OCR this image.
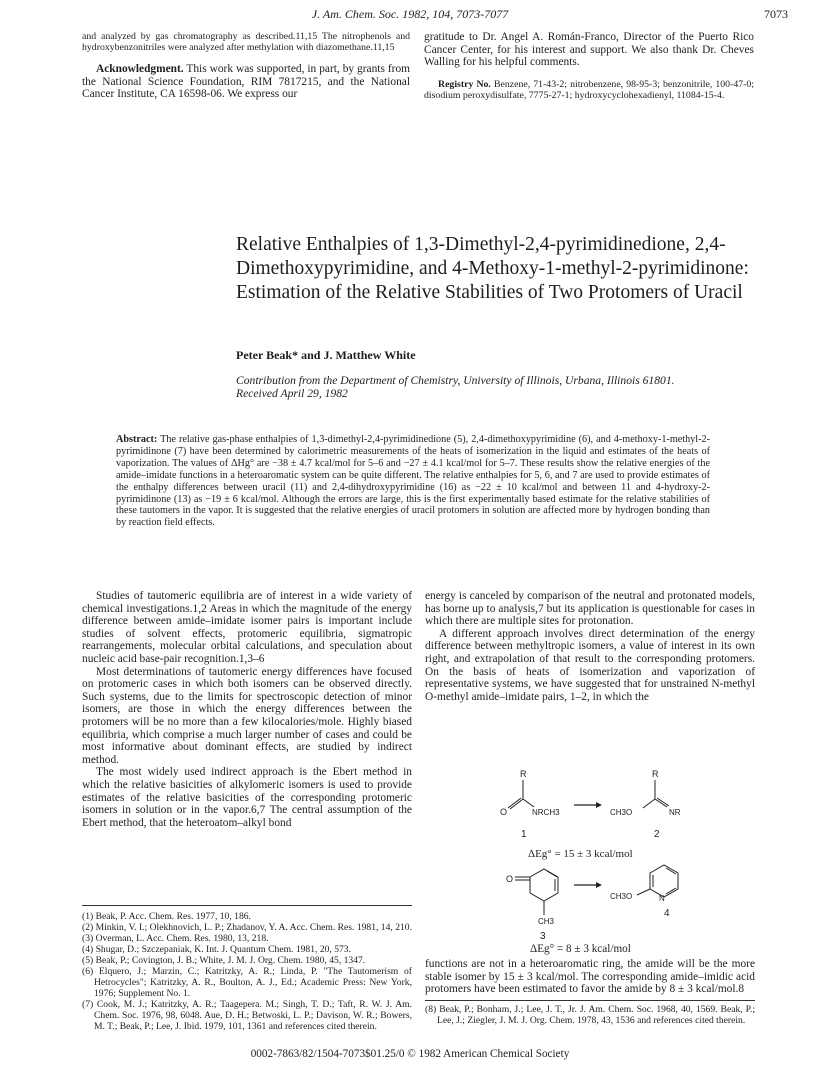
J. Am. Chem. Soc. 1982, 104, 7073-7077	7073
and analyzed by gas chromatography as described.11,15 The nitrophenols and hydroxybenzonitriles were analyzed after methylation with diazomethane.11,15
Acknowledgment. This work was supported, in part, by grants from the National Science Foundation, RIM 7817215, and the National Cancer Institute, CA 16598-06. We express our
gratitude to Dr. Angel A. Román-Franco, Director of the Puerto Rico Cancer Center, for his interest and support. We also thank Dr. Cheves Walling for his helpful comments.
Registry No. Benzene, 71-43-2; nitrobenzene, 98-95-3; benzonitrile, 100-47-0; disodium peroxydisulfate, 7775-27-1; hydroxycyclohexadienyl, 11084-15-4.
Relative Enthalpies of 1,3-Dimethyl-2,4-pyrimidinedione, 2,4-Dimethoxypyrimidine, and 4-Methoxy-1-methyl-2-pyrimidinone: Estimation of the Relative Stabilities of Two Protomers of Uracil
Peter Beak* and J. Matthew White
Contribution from the Department of Chemistry, University of Illinois, Urbana, Illinois 61801.
Received April 29, 1982
Abstract: The relative gas-phase enthalpies of 1,3-dimethyl-2,4-pyrimidinedione (5), 2,4-dimethoxypyrimidine (6), and 4-methoxy-1-methyl-2-pyrimidinone (7) have been determined by calorimetric measurements of the heats of isomerization in the liquid and estimates of the heats of vaporization. The values of ΔHg° are −38 ± 4.7 kcal/mol for 5–6 and −27 ± 4.1 kcal/mol for 5–7. These results show the relative energies of the amide–imidate functions in a heteroaromatic system can be quite different. The relative enthalpies for 5, 6, and 7 are used to provide estimates of the enthalpy differences between uracil (11) and 2,4-dihydroxypyrimidine (16) as −22 ± 10 kcal/mol and between 11 and 4-hydroxy-2-pyrimidinone (13) as −19 ± 6 kcal/mol. Although the errors are large, this is the first experimentally based estimate for the relative stabilities of these tautomers in the vapor. It is suggested that the relative energies of uracil protomers in solution are affected more by hydrogen bonding than by reaction field effects.

Studies of tautomeric equilibria are of interest in a wide variety of chemical investigations.1,2 Areas in which the magnitude of the energy difference between amide–imidate isomer pairs is important include studies of solvent effects, protomeric equilibria, sigmatropic rearrangements, molecular orbital calculations, and speculation about nucleic acid base-pair recognition.1,3–6

Most determinations of tautomeric energy differences have focused on protomeric cases in which both isomers can be observed directly. Such systems, due to the limits for spectroscopic detection of minor isomers, are those in which the energy differences between the protomers will be no more than a few kilocalories/mole. Highly biased equilibria, which comprise a much larger number of cases and could be most informative about dominant effects, are studied by indirect method.

The most widely used indirect approach is the Ebert method in which the relative basicities of alkylomeric isomers is used to provide estimates of the relative basicities of the corresponding protomeric isomers in solution or in the vapor.6,7 The central assumption of the Ebert method, that the heteroatom–alkyl bond

(1) Beak, P. Acc. Chem. Res. 1977, 10, 186.

(2) Minkin, V. I.; Olekhnovich, L. P.; Zhadanov, Y. A. Acc. Chem. Res. 1981, 14, 210.

(3) Overman, L. Acc. Chem. Res. 1980, 13, 218.

(4) Shugar, D.; Szczepaniak, K. Int. J. Quantum Chem. 1981, 20, 573.

(5) Beak, P.; Covington, J. B.; White, J. M. J. Org. Chem. 1980, 45, 1347.

(6) Elquero, J.; Marzin, C.; Katritzky, A. R.; Linda, P. "The Tautomerism of Hetrocycles"; Katritzky, A. R., Boulton, A. J., Ed.; Academic Press: New York, 1976; Supplement No. 1.

(7) Cook, M. J.; Katritzky, A. R.; Taagepera. M.; Singh, T. D.; Taft, R. W. J. Am. Chem. Soc. 1976, 98, 6048. Aue, D. H.; Betwoski, L. P.; Davison, W. R.; Bowers, M. T.; Beak, P.; Lee, J. Ibid. 1979, 101, 1361 and references cited therein.

energy is canceled by comparison of the neutral and protonated models, has borne up to analysis,7 but its application is questionable for cases in which there are multiple sites for protonation.

A different approach involves direct determination of the energy difference between methyltropic isomers, a value of interest in its own right, and extrapolation of that result to the corresponding protomers. On the basis of heats of isomerization and vaporization of representative systems, we have suggested that for unstrained N-methyl O-methyl amide–imidate pairs, 1–2, in which the

R
O	NRCH3
1
R
CH3O	NR
2
ΔEg° = 15 ± 3 kcal/mol
O
.
CH3
3
CH3O	N
4
ΔEg° = 8 ± 3 kcal/mol

functions are not in a heteroaromatic ring, the amide will be the more stable isomer by 15 ± 3 kcal/mol. The corresponding amide–imidic acid protomers have been estimated to favor the amide by 8 ± 3 kcal/mol.8

(8) Beak, P.; Bonham, J.; Lee, J. T., Jr. J. Am. Chem. Soc. 1968, 40, 1569. Beak, P.; Lee, J.; Ziegler, J. M. J. Org. Chem. 1978, 43, 1536 and references cited therein.

0002-7863/82/1504-7073$01.25/0 © 1982 American Chemical Society
